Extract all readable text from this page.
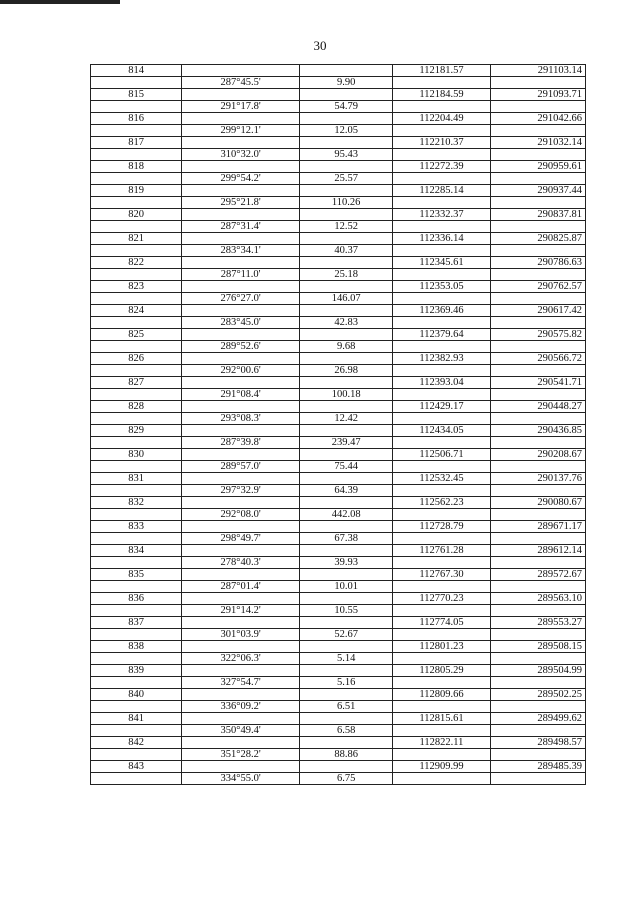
30
814			112181.57	291103.14
	287°45.5'	9.90		
815			112184.59	291093.71
	291°17.8'	54.79		
816			112204.49	291042.66
	299°12.1'	12.05		
817			112210.37	291032.14
	310°32.0'	95.43		
818			112272.39	290959.61
	299°54.2'	25.57		
819			112285.14	290937.44
	295°21.8'	110.26		
820			112332.37	290837.81
	287°31.4'	12.52		
821			112336.14	290825.87
	283°34.1'	40.37		
822			112345.61	290786.63
	287°11.0'	25.18		
823			112353.05	290762.57
	276°27.0'	146.07		
824			112369.46	290617.42
	283°45.0'	42.83		
825			112379.64	290575.82
	289°52.6'	9.68		
826			112382.93	290566.72
	292°00.6'	26.98		
827			112393.04	290541.71
	291°08.4'	100.18		
828			112429.17	290448.27
	293°08.3'	12.42		
829			112434.05	290436.85
	287°39.8'	239.47		
830			112506.71	290208.67
	289°57.0'	75.44		
831			112532.45	290137.76
	297°32.9'	64.39		
832			112562.23	290080.67
	292°08.0'	442.08		
833			112728.79	289671.17
	298°49.7'	67.38		
834			112761.28	289612.14
	278°40.3'	39.93		
835			112767.30	289572.67
	287°01.4'	10.01		
836			112770.23	289563.10
	291°14.2'	10.55		
837			112774.05	289553.27
	301°03.9'	52.67		
838			112801.23	289508.15
	322°06.3'	5.14		
839			112805.29	289504.99
	327°54.7'	5.16		
840			112809.66	289502.25
	336°09.2'	6.51		
841			112815.61	289499.62
	350°49.4'	6.58		
842			112822.11	289498.57
	351°28.2'	88.86		
843			112909.99	289485.39
	334°55.0'	6.75		
